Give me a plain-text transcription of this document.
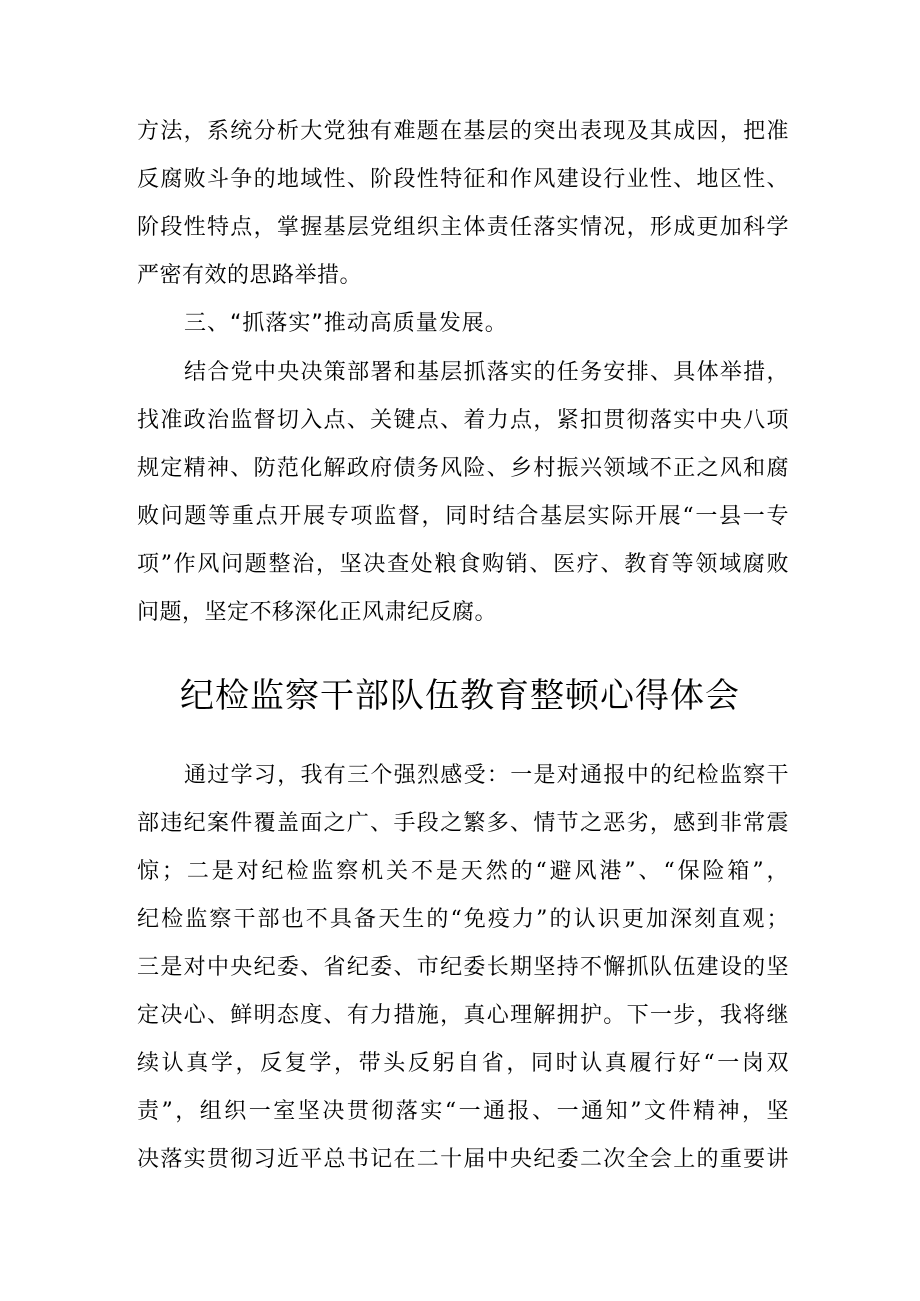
方法，系统分析大党独有难题在基层的突出表现及其成因，把准
反腐败斗争的地域性、阶段性特征和作风建设行业性、地区性、
阶段性特点，掌握基层党组织主体责任落实情况，形成更加科学
严密有效的思路举措。
三、“抓落实”推动高质量发展。
结合党中央决策部署和基层抓落实的任务安排、具体举措，
找准政治监督切入点、关键点、着力点，紧扣贯彻落实中央八项
规定精神、防范化解政府债务风险、乡村振兴领域不正之风和腐
败问题等重点开展专项监督，同时结合基层实际开展“一县一专
项”作风问题整治，坚决查处粮食购销、医疗、教育等领域腐败
问题，坚定不移深化正风肃纪反腐。
纪检监察干部队伍教育整顿心得体会
通过学习，我有三个强烈感受：一是对通报中的纪检监察干
部违纪案件覆盖面之广、手段之繁多、情节之恶劣，感到非常震
惊；二是对纪检监察机关不是天然的“避风港”、“保险箱”，
纪检监察干部也不具备天生的“免疫力”的认识更加深刻直观；
三是对中央纪委、省纪委、市纪委长期坚持不懈抓队伍建设的坚
定决心、鲜明态度、有力措施，真心理解拥护。下一步，我将继
续认真学，反复学，带头反躬自省，同时认真履行好“一岗双
责”，组织一室坚决贯彻落实“一通报、一通知”文件精神，坚
决落实贯彻习近平总书记在二十届中央纪委二次全会上的重要讲
